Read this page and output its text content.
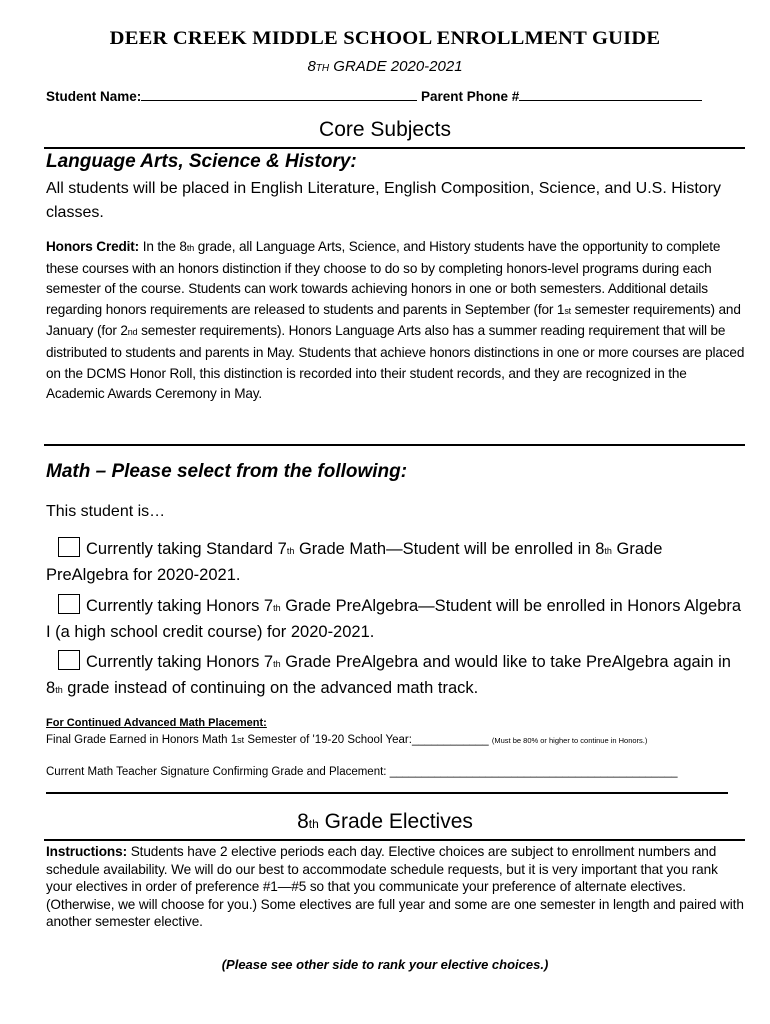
DEER CREEK MIDDLE SCHOOL ENROLLMENT GUIDE
8TH GRADE 2020-2021
Student Name:	Parent Phone #
Core Subjects
Language Arts, Science & History:
All students will be placed in English Literature, English Composition, Science, and U.S. History classes.
Honors Credit: In the 8th grade, all Language Arts, Science, and History students have the opportunity to complete these courses with an honors distinction if they choose to do so by completing honors-level programs during each semester of the course. Students can work towards achieving honors in one or both semesters. Additional details regarding honors requirements are released to students and parents in September (for 1st semester requirements) and January (for 2nd semester requirements). Honors Language Arts also has a summer reading requirement that will be distributed to students and parents in May. Students that achieve honors distinctions in one or more courses are placed on the DCMS Honor Roll, this distinction is recorded into their student records, and they are recognized in the Academic Awards Ceremony in May.
Math – Please select from the following:
This student is…
Currently taking Standard 7th Grade Math—Student will be enrolled in 8th Grade PreAlgebra for 2020-2021.
Currently taking Honors 7th Grade PreAlgebra—Student will be enrolled in Honors Algebra I (a high school credit course) for 2020-2021.
Currently taking Honors 7th Grade PreAlgebra and would like to take PreAlgebra again in 8th grade instead of continuing on the advanced math track.
For Continued Advanced Math Placement:
Final Grade Earned in Honors Math 1st Semester of '19-20 School Year:____________ (Must be 80% or higher to continue in Honors.)
Current Math Teacher Signature Confirming Grade and Placement: _____________________________________________
8th Grade Electives
Instructions: Students have 2 elective periods each day. Elective choices are subject to enrollment numbers and schedule availability. We will do our best to accommodate schedule requests, but it is very important that you rank your electives in order of preference #1—#5 so that you communicate your preference of alternate electives. (Otherwise, we will choose for you.) Some electives are full year and some are one semester in length and paired with another semester elective.
(Please see other side to rank your elective choices.)
